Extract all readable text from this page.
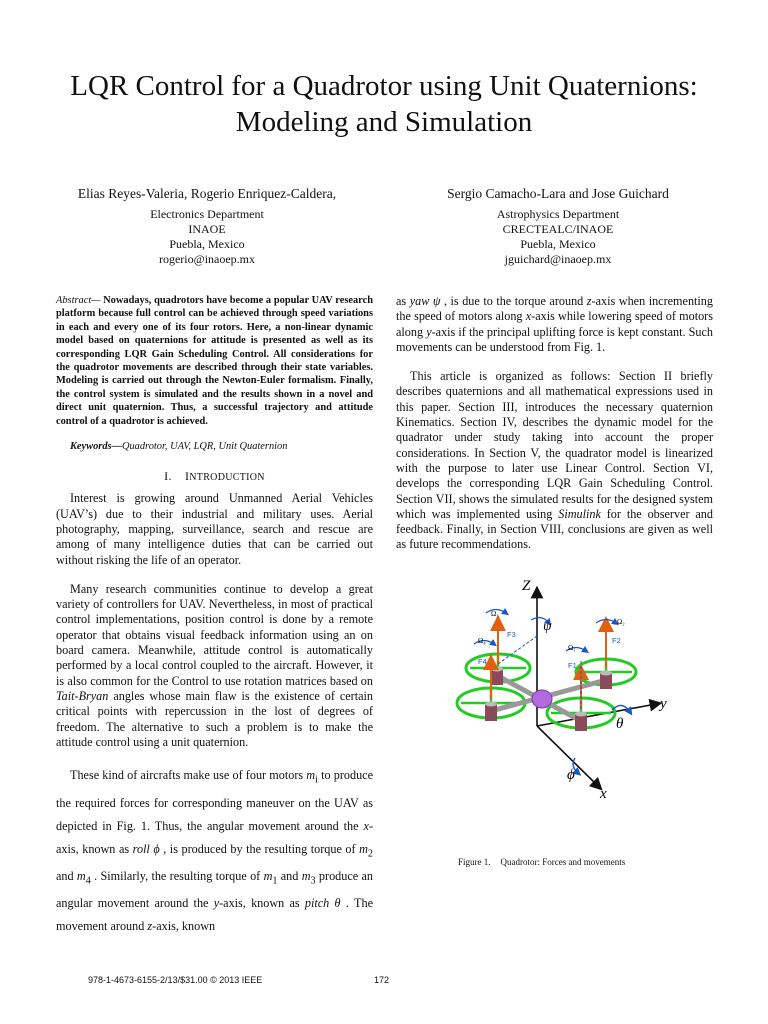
LQR Control for a Quadrotor using Unit Quaternions:
Modeling and Simulation
Elias Reyes-Valeria, Rogerio Enriquez-Caldera,
Electronics Department
INAOE
Puebla, Mexico
rogerio@inaoep.mx
Sergio Camacho-Lara and Jose Guichard
Astrophysics Department
CRECTEALC/INAOE
Puebla, Mexico
jguichard@inaoep.mx
Abstract— Nowadays, quadrotors have become a popular UAV research platform because full control can be achieved through speed variations in each and every one of its four rotors. Here, a non-linear dynamic model based on quaternions for attitude is presented as well as its corresponding LQR Gain Scheduling Control. All considerations for the quadrotor movements are described through their state variables. Modeling is carried out through the Newton-Euler formalism. Finally, the control system is simulated and the results shown in a novel and direct unit quaternion. Thus, a successful trajectory and attitude control of a quadrotor is achieved.
Keywords—Quadrotor, UAV, LQR, Unit Quaternion
I. INTRODUCTION

Interest is growing around Unmanned Aerial Vehicles (UAV’s) due to their industrial and military uses. Aerial photography, mapping, surveillance, search and rescue are among of many intelligence duties that can be carried out without risking the life of an operator.

Many research communities continue to develop a great variety of controllers for UAV. Nevertheless, in most of practical control implementations, position control is done by a remote operator that obtains visual feedback information using an on board camera. Meanwhile, attitude control is automatically performed by a local control coupled to the aircraft. However, it is also common for the Control to use rotation matrices based on Tait-Bryan angles whose main flaw is the existence of certain critical points with repercussion in the lost of degrees of freedom. The alternative to such a problem is to make the attitude control using a unit quaternion.

These kind of aircrafts make use of four motors $m_i$ to produce the required forces for corresponding maneuver on the UAV as depicted in Fig. 1. Thus, the angular movement around the x-axis, known as roll ϕ , is produced by the resulting torque of $m_2$ and $m_4$ . Similarly, the resulting torque of $m_1$ and $m_3$ produce an angular movement around the y-axis, known as pitch θ . The movement around z-axis, known

as yaw ψ , is due to the torque around z-axis when incrementing the speed of motors along x-axis while lowering speed of motors along y-axis if the principal uplifting force is kept constant. Such movements can be understood from Fig. 1.

This article is organized as follows: Section II briefly describes quaternions and all mathematical expressions used in this paper. Section III, introduces the necessary quaternion Kinematics. Section IV, describes the dynamic model for the quadrator under study taking into account the proper considerations. In Section V, the quadrator model is linearized with the purpose to later use Linear Control. Section VI, develops the corresponding LQR Gain Scheduling Control. Section VII, shows the simulated results for the designed system which was implemented using Simulink for the observer and feedback. Finally, in Section VIII, conclusions are given as well as future recommendations.

Z
y
x
ψ
θ
ϕ
F3
F2
F4	F1
Ω₃
Ω₂
Ω₄
Ω₁
Figure 1. Quadrotor: Forces and movements
978-1-4673-6155-2/13/$31.00 © 2013 IEEE	172
